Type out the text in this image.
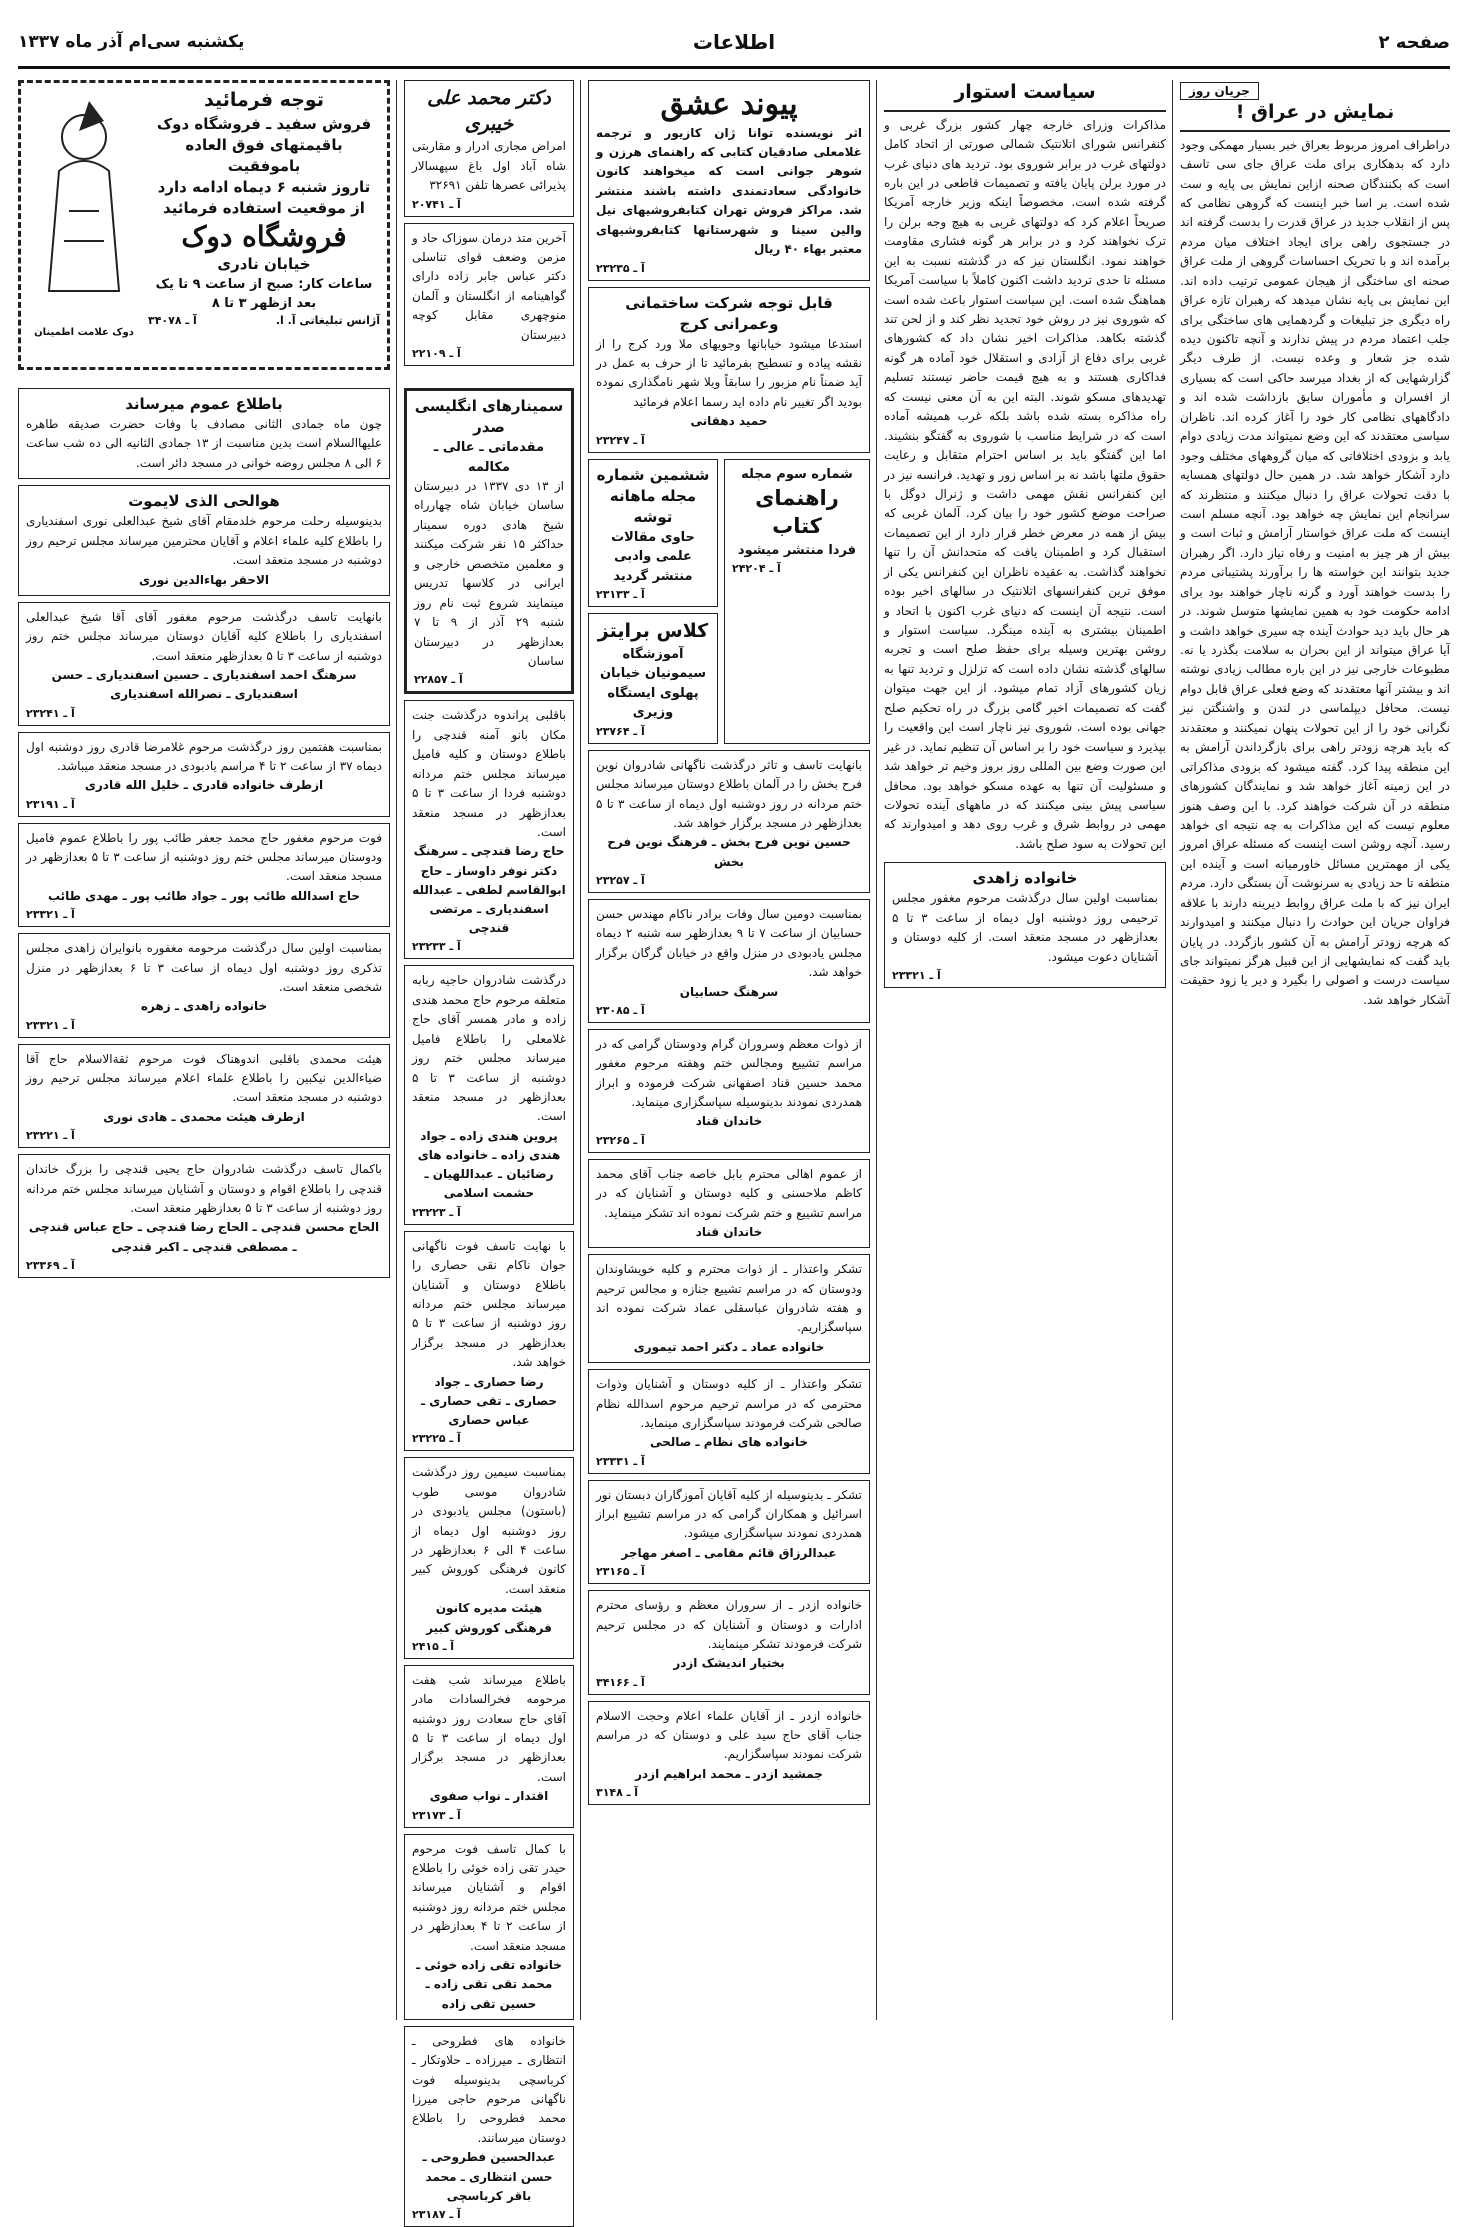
صفحه ۲
اطلاعات
یکشنبه سی‌ام آذر ماه ۱۳۳۷
جریان روز
نمایش در عراق !

دراطراف امروز مربوط بعراق خبر بسیار مهمکی وجود دارد که بدهکاری برای ملت عراق جای سی تاسف است که بکنندگان صحنه ازاین نمایش بی پایه و ست شده است. بر اسا خبر اینست که گروهی نظامی که پس از انقلاب جدید در عراق قدرت را بدست گرفته اند در جستجوی راهی برای ایجاد اختلاف میان مردم برآمده اند و با تحریک احساسات گروهی از ملت عراق صحنه ای ساختگی از هیجان عمومی ترتیب داده اند. این نمایش بی پایه نشان میدهد که رهبران تازه عراق راه دیگری جز تبلیغات و گردهمایی های ساختگی برای جلب اعتماد مردم در پیش ندارند و آنچه تاکنون دیده شده جز شعار و وعده نیست. از طرف دیگر گزارشهایی که از بغداد میرسد حاکی است که بسیاری از افسران و مأموران سابق بازداشت شده اند و دادگاههای نظامی کار خود را آغاز کرده اند. ناظران سیاسی معتقدند که این وضع نمیتواند مدت زیادی دوام یابد و بزودی اختلافاتی که میان گروههای مختلف وجود دارد آشکار خواهد شد. در همین حال دولتهای همسایه با دقت تحولات عراق را دنبال میکنند و منتظرند که سرانجام این نمایش چه خواهد بود. آنچه مسلم است اینست که ملت عراق خواستار آرامش و ثبات است و بیش از هر چیز به امنیت و رفاه نیاز دارد. اگر رهبران جدید بتوانند این خواسته ها را برآورند پشتیبانی مردم را بدست خواهند آورد و گرنه ناچار خواهند بود برای ادامه حکومت خود به همین نمایشها متوسل شوند. در هر حال باید دید حوادث آینده چه سیری خواهد داشت و آیا عراق میتواند از این بحران به سلامت بگذرد یا نه. مطبوعات خارجی نیز در این باره مطالب زیادی نوشته اند و بیشتر آنها معتقدند که وضع فعلی عراق قابل دوام نیست. محافل دیپلماسی در لندن و واشنگتن نیز نگرانی خود را از این تحولات پنهان نمیکنند و معتقدند که باید هرچه زودتر راهی برای بازگرداندن آرامش به این منطقه پیدا کرد. گفته میشود که بزودی مذاکراتی در این زمینه آغاز خواهد شد و نمایندگان کشورهای منطقه در آن شرکت خواهند کرد. با این وصف هنوز معلوم نیست که این مذاکرات به چه نتیجه ای خواهد رسید. آنچه روشن است اینست که مسئله عراق امروز یکی از مهمترین مسائل خاورمیانه است و آینده این منطقه تا حد زیادی به سرنوشت آن بستگی دارد. مردم ایران نیز که با ملت عراق روابط دیرینه دارند با علاقه فراوان جریان این حوادث را دنبال میکنند و امیدوارند که هرچه زودتر آرامش به آن کشور بازگردد. در پایان باید گفت که نمایشهایی از این قبیل هرگز نمیتواند جای سیاست درست و اصولی را بگیرد و دیر یا زود حقیقت آشکار خواهد شد.

سیاست استوار

مذاکرات وزرای خارجه چهار کشور بزرگ غربی و کنفرانس شورای اتلانتیک شمالی صورتی از اتحاد کامل دولتهای غرب در برابر شوروی بود. تردید های دنیای غرب در مورد برلن پایان یافته و تصمیمات قاطعی در این باره گرفته شده است. مخصوصاً اینکه وزیر خارجه آمریکا صریحاً اعلام کرد که دولتهای غربی به هیچ وجه برلن را ترک نخواهند کرد و در برابر هر گونه فشاری مقاومت خواهند نمود. انگلستان نیز که در گذشته نسبت به این مسئله تا حدی تردید داشت اکنون کاملاً با سیاست آمریکا هماهنگ شده است. این سیاست استوار باعث شده است که شوروی نیز در روش خود تجدید نظر کند و از لحن تند گذشته بکاهد. مذاکرات اخیر نشان داد که کشورهای غربی برای دفاع از آزادی و استقلال خود آماده هر گونه فداکاری هستند و به هیچ قیمت حاضر نیستند تسلیم تهدیدهای مسکو شوند. البته این به آن معنی نیست که راه مذاکره بسته شده باشد بلکه غرب همیشه آماده است که در شرایط مناسب با شوروی به گفتگو بنشیند. اما این گفتگو باید بر اساس احترام متقابل و رعایت حقوق ملتها باشد نه بر اساس زور و تهدید. فرانسه نیز در این کنفرانس نقش مهمی داشت و ژنرال دوگل با صراحت موضع کشور خود را بیان کرد. آلمان غربی که بیش از همه در معرض خطر قرار دارد از این تصمیمات استقبال کرد و اطمینان یافت که متحدانش آن را تنها نخواهند گذاشت. به عقیده ناظران این کنفرانس یکی از موفق ترین کنفرانسهای اتلانتیک در سالهای اخیر بوده است. نتیجه آن اینست که دنیای غرب اکنون با اتحاد و اطمینان بیشتری به آینده مینگرد. سیاست استوار و روشن بهترین وسیله برای حفظ صلح است و تجربه سالهای گذشته نشان داده است که تزلزل و تردید تنها به زیان کشورهای آزاد تمام میشود. از این جهت میتوان گفت که تصمیمات اخیر گامی بزرگ در راه تحکیم صلح جهانی بوده است. شوروی نیز ناچار است این واقعیت را بپذیرد و سیاست خود را بر اساس آن تنظیم نماید. در غیر این صورت وضع بین المللی روز بروز وخیم تر خواهد شد و مسئولیت آن تنها به عهده مسکو خواهد بود. محافل سیاسی پیش بینی میکنند که در ماههای آینده تحولات مهمی در روابط شرق و غرب روی دهد و امیدوارند که این تحولات به سود صلح باشد.

خانواده زاهدی

بمناسبت اولین سال درگذشت مرحوم مغفور مجلس ترحیمی روز دوشنبه اول دیماه از ساعت ۳ تا ۵ بعدازظهر در مسجد منعقد است. از کلیه دوستان و آشنایان دعوت میشود.

آ ـ ۲۳۳۲۱
پیوند عشق

اثر نویسنده توانا ژان کازیور و ترجمه غلامعلی صادقیان کتابی که راهنمای هرزن و شوهر جوانی است که میخواهند کانون خانوادگی سعادتمندی داشته باشند منتشر شد. مراکز فروش تهران کتابفروشیهای نیل والین سینا و شهرستانها کتابفروشیهای معتبر بهاء ۴۰ ریال

آ ـ ۲۳۲۳۵
قابل توجه شرکت ساختمانی وعمرانی کرج

استدعا میشود خیابانها وجویهای ملا ورد کرج را از نقشه پیاده و تسطیح بفرمائید تا از حرف به عمل در آید ضمناً نام مزبور را سابقاً ویلا شهر نامگذاری نموده بودید اگر تغییر نام داده اید رسما اعلام فرمائید

حمید دهقانی
آ ـ ۲۳۲۴۷
شماره سوم مجله
راهنمای کتاب
فردا منتشر میشود
آ ـ ۲۴۲۰۴
ششمین شماره مجله ماهانه توشه
حاوی مقالات علمی وادبی منتشر گردید
آ ـ ۲۳۱۳۳
کلاس برایتز
آموزشگاه سیمونیان خیابان پهلوی ایستگاه وزیری
آ ـ ۲۳۷۶۴

بانهایت تاسف و تاثر درگذشت ناگهانی شادروان نوین فرح بخش را در آلمان باطلاع دوستان میرساند مجلس ختم مردانه در روز دوشنبه اول دیماه از ساعت ۳ تا ۵ بعدازظهر در مسجد برگزار خواهد شد.

حسین نوین فرح بخش ـ فرهنگ نوین فرح بخش
آ ـ ۲۳۲۵۷

بمناسبت دومین سال وفات برادر ناکام مهندس حسن حسابیان از ساعت ۷ تا ۹ بعدازظهر سه شنبه ۲ دیماه مجلس یادبودی در منزل واقع در خیابان گرگان برگزار خواهد شد.

سرهنگ حسابیان
آ ـ ۲۳۰۸۵

از ذوات معظم وسروران گرام ودوستان گرامی که در مراسم تشییع ومجالس ختم وهفته مرحوم مغفور محمد حسین قناد اصفهانی شرکت فرموده و ابراز همدردی نمودند بدینوسیله سپاسگزاری مینماید.

خاندان قناد
آ ـ ۲۳۲۶۵

از عموم اهالی محترم بابل خاصه جناب آقای محمد کاظم ملاحسنی و کلیه دوستان و آشنایان که در مراسم تشییع و ختم شرکت نموده اند تشکر مینماید.

خاندان قناد

تشکر واعتذار ـ از ذوات محترم و کلیه خویشاوندان ودوستان که در مراسم تشییع جنازه و مجالس ترحیم و هفته شادروان عباسقلی عماد شرکت نموده اند سپاسگزاریم.

خانواده عماد ـ دکتر احمد تیموری

تشکر واعتذار ـ از کلیه دوستان و آشنایان وذوات محترمی که در مراسم ترحیم مرحوم اسدالله نظام صالحی شرکت فرمودند سپاسگزاری مینماید.

خانواده های نظام ـ صالحی
آ ـ ۲۳۳۳۱

تشکر ـ بدینوسیله از کلیه آقایان آموزگاران دبستان نور اسرائیل و همکاران گرامی که در مراسم تشییع ابراز همدردی نمودند سپاسگزاری میشود.

عبدالرزاق قائم مقامی ـ اصغر مهاجر
آ ـ ۲۳۱۶۵

خانواده ازدر ـ از سروران معظم و رؤسای محترم ادارات و دوستان و آشنایان که در مجلس ترحیم شرکت فرمودند تشکر مینمایند.

بختیار اندیشک ازدر
آ ـ ۳۴۱۶۶

خانواده ازدر ـ از آقایان علماء اعلام وحجت الاسلام جناب آقای حاج سید علی و دوستان که در مراسم شرکت نمودند سپاسگزاریم.

جمشید ازدر ـ محمد ابراهیم ازدر
آ ـ ۳۱۴۸
دکتر محمد علی خیبری

امراض مجاری ادرار و مقاربتی شاه آباد اول باغ سپهسالار پذیرائی عصرها تلفن ۳۲۶۹۱

آ ـ ۲۰۷۴۱

آخرین متد درمان سوزاک حاد و مزمن وضعف قوای تناسلی دکتر عباس جابر زاده دارای گواهینامه از انگلستان و آلمان منوچهری مقابل کوچه دبیرستان

آ ـ ۲۲۱۰۹
دوک علامت اطمینان
توجه فرمائید
فروش سفید ـ فروشگاه دوک
باقیمتهای فوق العاده باموفقیت
تاروز شنبه ۶ دیماه ادامه دارد
از موقعیت استفاده فرمائید
فروشگاه دوک
خیابان نادری
ساعات کار: صبح از ساعت ۹ تا یک بعد ازظهر ۳ تا ۸
آژانس تبلیغاتی آ. ا.
آ ـ ۳۴۰۷۸
باطلاع عموم میرساند

چون ماه جمادی الثانی مصادف با وفات حضرت صدیقه طاهره علیهاالسلام است بدین مناسبت از ۱۳ جمادی الثانیه الی ده شب ساعت ۶ الی ۸ مجلس روضه خوانی در مسجد دائر است.

هوالحی الذی لایموت

بدینوسیله رحلت مرحوم خلدمقام آقای شیخ عبدالعلی نوری اسفندیاری را باطلاع کلیه علماء اعلام و آقایان محترمین میرساند مجلس ترحیم روز دوشنبه در مسجد منعقد است.

الاحقر بهاءالدین نوری

بانهایت تاسف درگذشت مرحوم مغفور آقای آقا شیخ عبدالعلی اسفندیاری را باطلاع کلیه آقایان دوستان میرساند مجلس ختم روز دوشنبه از ساعت ۳ تا ۵ بعدازظهر منعقد است.

سرهنگ احمد اسفندیاری ـ حسین اسفندیاری ـ حسن اسفندیاری ـ نصرالله اسفندیاری
آ ـ ۲۳۲۴۱

بمناسبت هفتمین روز درگذشت مرحوم غلامرضا قادری روز دوشنبه اول دیماه ۳۷ از ساعت ۲ تا ۴ مراسم یادبودی در مسجد منعقد میباشد.

ازطرف خانواده قادری ـ خلیل الله قادری
آ ـ ۲۳۱۹۱

فوت مرحوم مغفور حاج محمد جعفر طائب پور را باطلاع عموم فامیل ودوستان میرساند مجلس ختم روز دوشنبه از ساعت ۳ تا ۵ بعدازظهر در مسجد منعقد است.

حاج اسدالله طائب پور ـ جواد طائب پور ـ مهدی طائب
آ ـ ۲۳۳۲۱

بمناسبت اولین سال درگذشت مرحومه مغفوره بانوایران زاهدی مجلس تذکری روز دوشنبه اول دیماه از ساعت ۳ تا ۶ بعدازظهر در منزل شخصی منعقد است.

خانواده زاهدی ـ زهره
آ ـ ۲۳۳۲۱

هیئت محمدی باقلبی اندوهناک فوت مرحوم ثقةالاسلام حاج آقا ضیاءالدین نیکبین را باطلاع علماء اعلام میرساند مجلس ترحیم روز دوشنبه در مسجد منعقد است.

ازطرف هیئت محمدی ـ هادی نوری
آ ـ ۲۳۲۲۱

باکمال تاسف درگذشت شادروان حاج یحیی قندچی را بزرگ خاندان قندچی را باطلاع اقوام و دوستان و آشنایان میرساند مجلس ختم مردانه روز دوشنبه از ساعت ۳ تا ۵ بعدازظهر منعقد است.

الحاج محسن قندچی ـ الحاج رضا قندچی ـ حاج عباس قندچی ـ مصطفی قندچی ـ اکبر قندچی
آ ـ ۲۳۳۶۹
سمینارهای انگلیسی صدر
مقدماتی ـ عالی ـ مکالمه

از ۱۳ دی ۱۳۳۷ در دبیرستان ساسان خیابان شاه چهارراه شیخ هادی دوره سمینار حداکثر ۱۵ نفر شرکت میکنند و معلمین متخصص خارجی و ایرانی در کلاسها تدریس مینمایند شروع ثبت نام روز شنبه ۲۹ آذر از ۹ تا ۷ بعدازظهر در دبیرستان ساسان

آ ـ ۲۲۸۵۷

باقلبی پراندوه درگذشت جنت مکان بانو آمنه قندچی را باطلاع دوستان و کلیه فامیل میرساند مجلس ختم مردانه دوشنبه فردا از ساعت ۳ تا ۵ بعدازظهر در مسجد منعقد است.

حاج رضا قندچی ـ سرهنگ دکتر نوفر داوساز ـ حاج ابوالقاسم لطفی ـ عبدالله اسفندیاری ـ مرتضی قندچی
آ ـ ۲۳۲۳۳

درگذشت شادروان حاجیه ربابه متعلقه مرحوم حاج محمد هندی زاده و مادر همسر آقای حاج غلامعلی را باطلاع فامیل میرساند مجلس ختم روز دوشنبه از ساعت ۳ تا ۵ بعدازظهر در مسجد منعقد است.

پروین هندی زاده ـ جواد هندی زاده ـ خانواده های رضائیان ـ عبداللهیان ـ حشمت اسلامی
آ ـ ۲۳۲۲۳

با نهایت تاسف فوت ناگهانی جوان ناکام نقی حصاری را باطلاع دوستان و آشنایان میرساند مجلس ختم مردانه روز دوشنبه از ساعت ۳ تا ۵ بعدازظهر در مسجد برگزار خواهد شد.

رضا حصاری ـ جواد حصاری ـ تقی حصاری ـ عباس حصاری
آ ـ ۲۳۲۲۵

بمناسبت سیمین روز درگذشت شادروان موسی طوب (باستون) مجلس یادبودی در روز دوشنبه اول دیماه از ساعت ۴ الی ۶ بعدازظهر در کانون فرهنگی کوروش کبیر منعقد است.

هیئت مدیره کانون فرهنگی کوروش کبیر
آ ـ ۲۴۱۵

باطلاع میرساند شب هفت مرحومه فخرالسادات مادر آقای حاج سعادت روز دوشنبه اول دیماه از ساعت ۳ تا ۵ بعدازظهر در مسجد برگزار است.

اقتدار ـ نواب صفوی
آ ـ ۲۳۱۷۳

با کمال تاسف فوت مرحوم حیدر تقی زاده خوئی را باطلاع اقوام و آشنایان میرساند مجلس ختم مردانه روز دوشنبه از ساعت ۲ تا ۴ بعدازظهر در مسجد منعقد است.

خانواده تقی زاده خوئی ـ محمد تقی تقی زاده ـ حسین تقی زاده

خانواده های فطروحی ـ انتظاری ـ میرزاده ـ حلاوتکار ـ کرباسچی بدینوسیله فوت ناگهانی مرحوم حاجی میرزا محمد فطروحی را باطلاع دوستان میرسانند.

عبدالحسین فطروحی ـ حسن انتظاری ـ محمد باقر کرباسچی
آ ـ ۲۳۱۸۷
